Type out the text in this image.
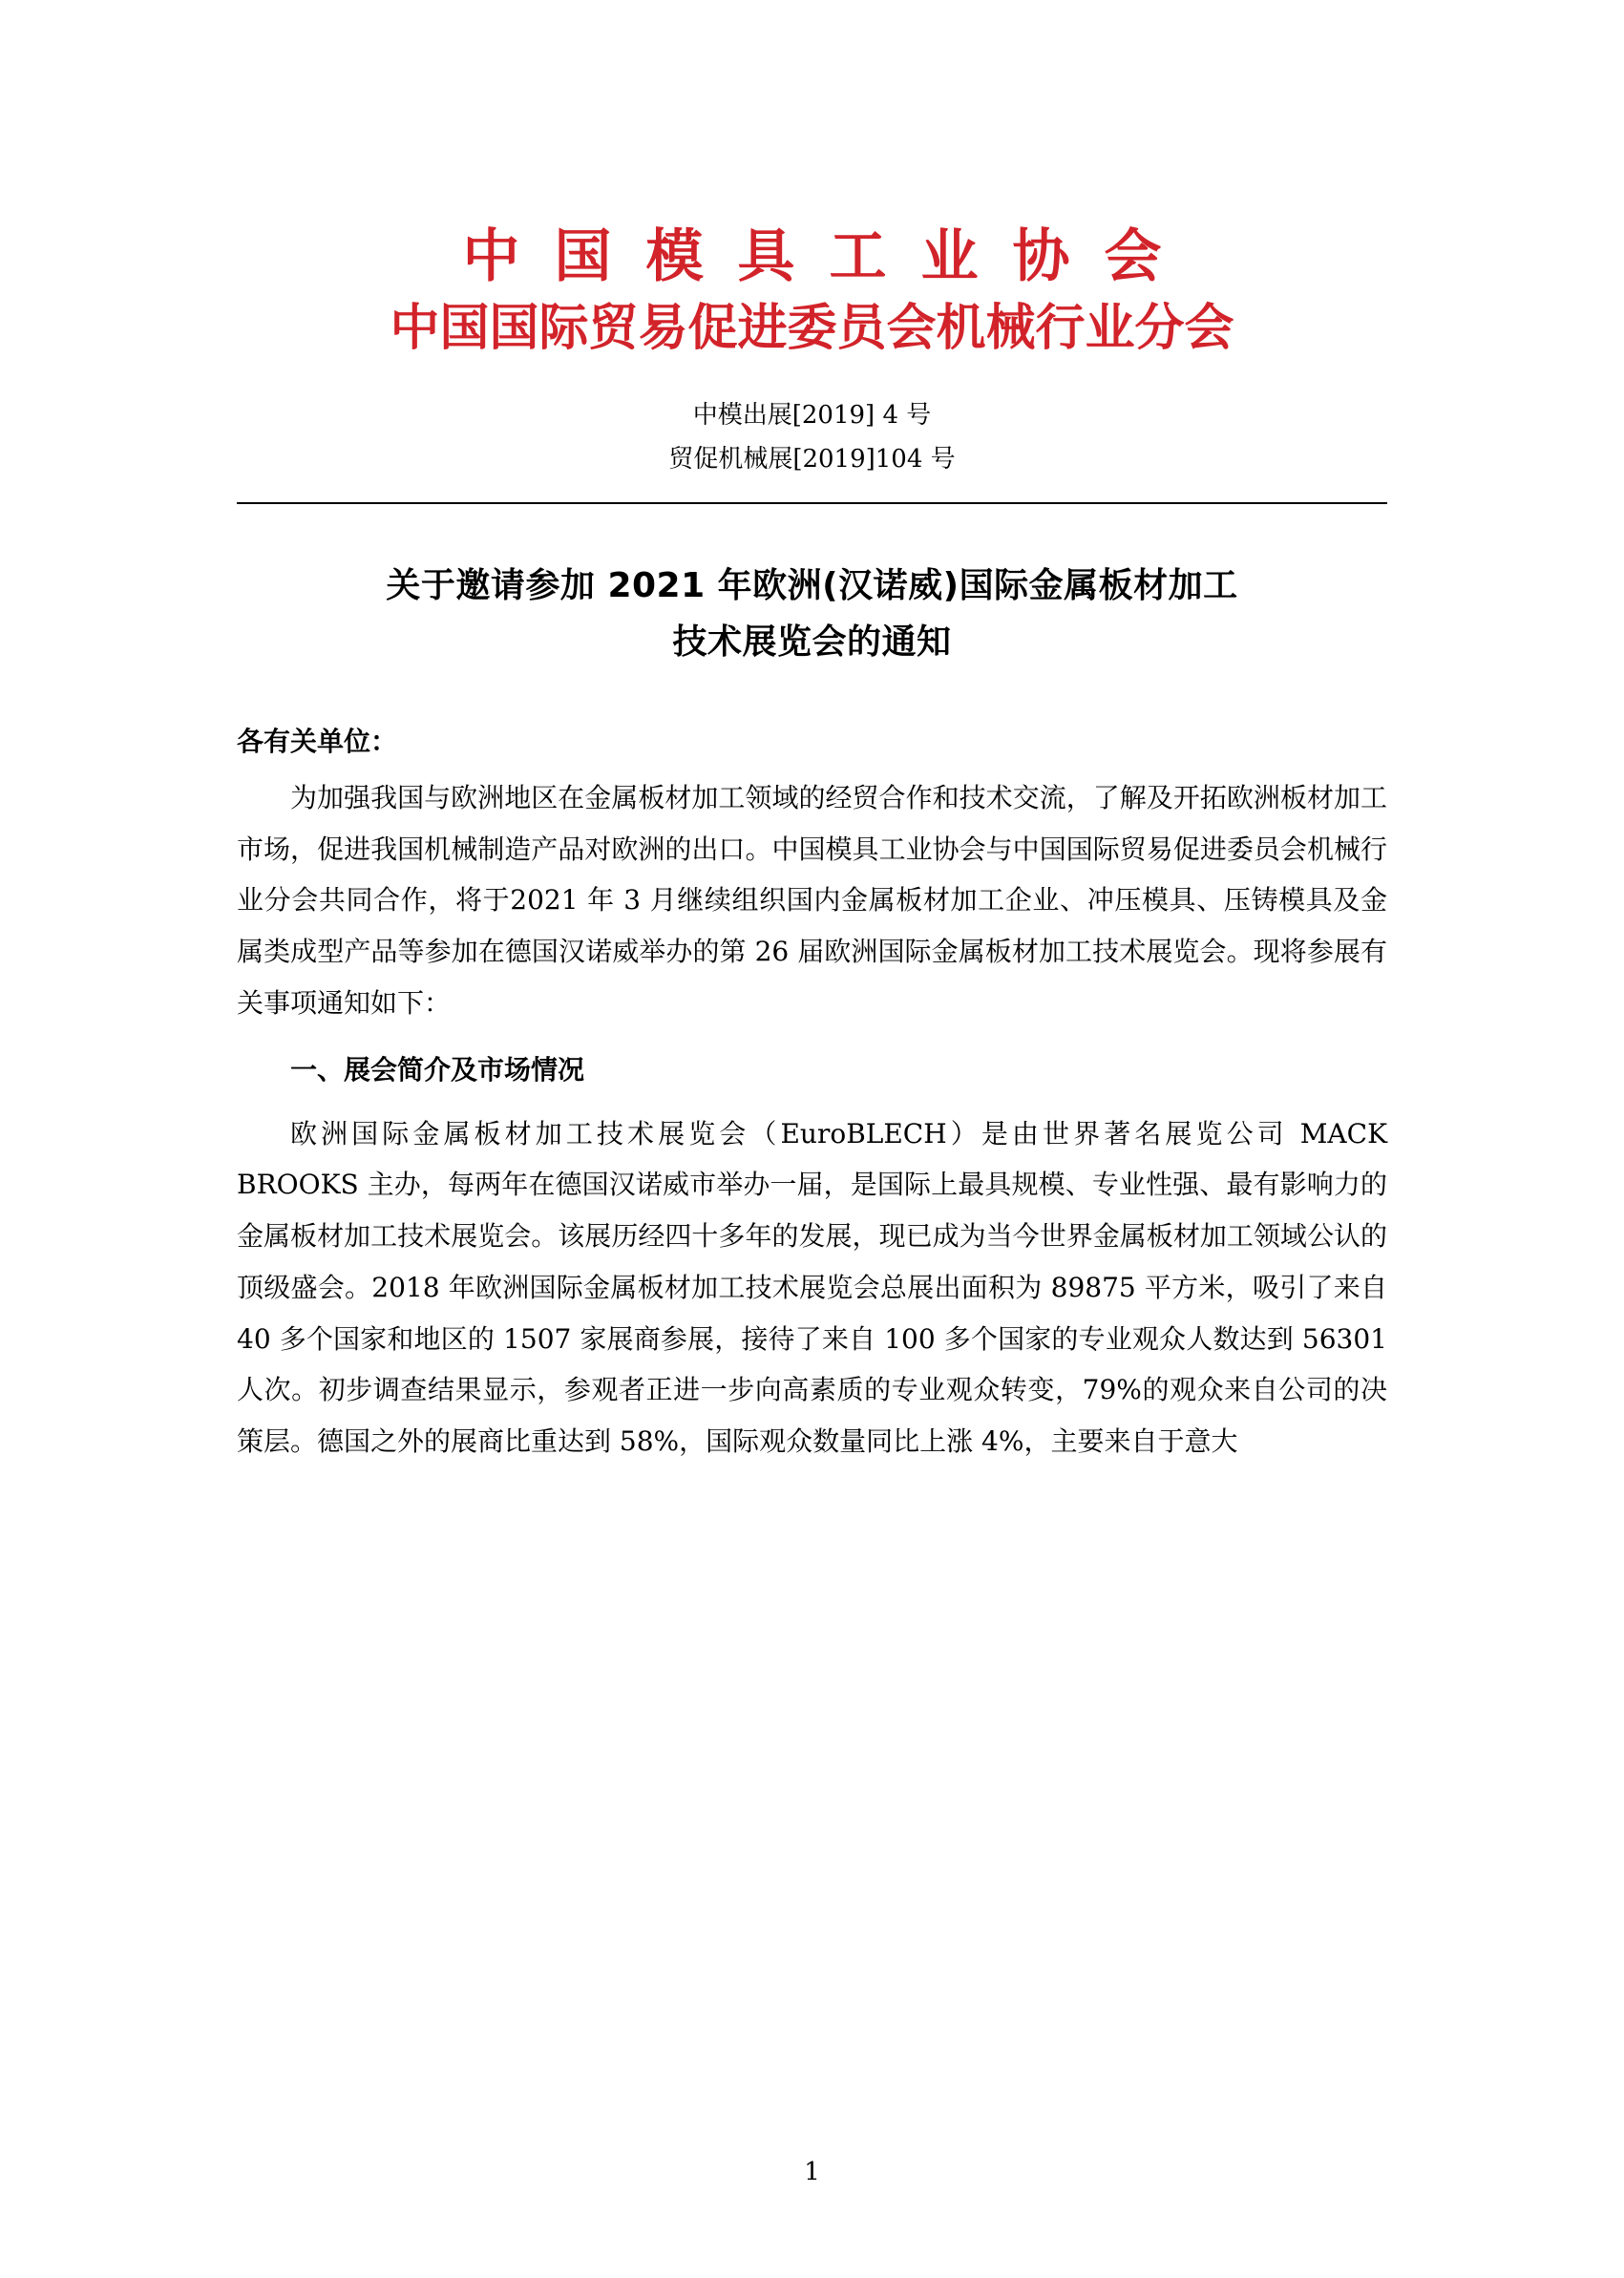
中国模具工业协会
中国国际贸易促进委员会机械行业分会
中模出展[2019] 4 号
贸促机械展[2019]104 号
关于邀请参加 2021 年欧洲(汉诺威)国际金属板材加工
技术展览会的通知
各有关单位：

为加强我国与欧洲地区在金属板材加工领域的经贸合作和技术交流，了解及开拓欧洲板材加工市场，促进我国机械制造产品对欧洲的出口。中国模具工业协会与中国国际贸易促进委员会机械行业分会共同合作，将于2021 年 3 月继续组织国内金属板材加工企业、冲压模具、压铸模具及金属类成型产品等参加在德国汉诺威举办的第 26 届欧洲国际金属板材加工技术展览会。现将参展有关事项通知如下：

一、展会简介及市场情况

欧洲国际金属板材加工技术展览会（EuroBLECH）是由世界著名展览公司 MACK　BROOKS 主办，每两年在德国汉诺威市举办一届，是国际上最具规模、专业性强、最有影响力的金属板材加工技术展览会。该展历经四十多年的发展，现已成为当今世界金属板材加工领域公认的顶级盛会。2018 年欧洲国际金属板材加工技术展览会总展出面积为 89875 平方米，吸引了来自 40 多个国家和地区的 1507 家展商参展，接待了来自 100 多个国家的专业观众人数达到 56301 人次。初步调查结果显示，参观者正进一步向高素质的专业观众转变，79%的观众来自公司的决策层。德国之外的展商比重达到 58%，国际观众数量同比上涨 4%，主要来自于意大

1
